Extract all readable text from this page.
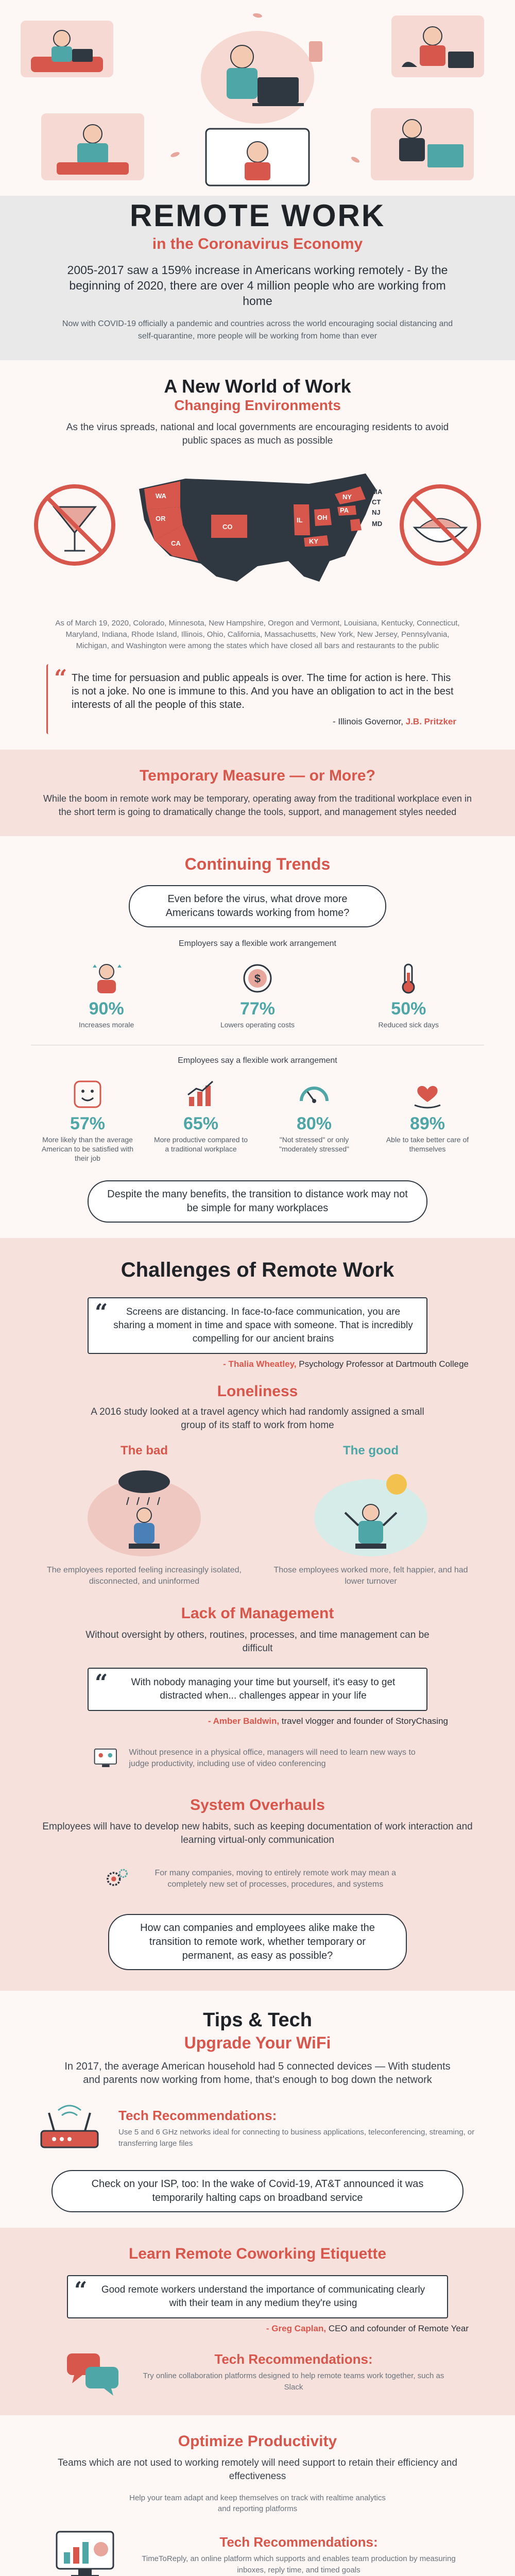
REMOTE WORK
in the Coronavirus Economy
2005-2017 saw a 159% increase in Americans working remotely - By the beginning of 2020, there are over 4 million people who are working from home
Now with COVID-19 officially a pandemic and countries across the world encouraging social distancing and self-quarantine, more people will be working from home than ever
A New World of Work
Changing Environments
As the virus spreads, national and local governments are encouraging residents to avoid public spaces as much as possible
WA
OR
CA
CO
IL OH
NY
MA
CT
NJ
PA
MD
KY
As of March 19, 2020, Colorado, Minnesota, New Hampshire, Oregon and Vermont, Louisiana, Kentucky, Connecticut, Maryland, Indiana, Rhode Island, Illinois, Ohio, California, Massachusetts, New York, New Jersey, Pennsylvania, Michigan, and Washington were among the states which have closed all bars and restaurants to the public
“ The time for persuasion and public appeals is over. The time for action is here. This is not a joke. No one is immune to this. And you have an obligation to act in the best interests of all the people of this state.
- Illinois Governor, J.B. Pritzker
Temporary Measure — or More?
While the boom in remote work may be temporary, operating away from the traditional workplace even in the short term is going to dramatically change the tools, support, and management styles needed
Continuing Trends
Even before the virus, what drove more Americans towards working from home?
Employers say a flexible work arrangement
90%
Increases morale
$
77%
Lowers operating costs
50%
Reduced sick days
Employees say a flexible work arrangement
57%
More likely than the average American to be satisfied with their job
65%
More productive compared to a traditional workplace
80%
"Not stressed" or only "moderately stressed"
89%
Able to take better care of themselves
Despite the many benefits, the transition to distance work may not be simple for many workplaces
Challenges of Remote Work
“	Screens are distancing. In face-to-face communication, you are sharing a moment in time and space with someone. That is incredibly compelling for our ancient brains
- Thalia Wheatley, Psychology Professor at Dartmouth College
Loneliness
A 2016 study looked at a travel agency which had randomly assigned a small group of its staff to work from home
The bad
The employees reported feeling increasingly isolated, disconnected, and uninformed
The good
Those employees worked more, felt happier, and had lower turnover
Lack of Management
Without oversight by others, routines, processes, and time management can be difficult
“	With nobody managing your time but yourself, it's easy to get distracted when... challenges appear in your life
- Amber Baldwin, travel vlogger and founder of StoryChasing
Without presence in a physical office, managers will need to learn new ways to judge productivity, including use of video conferencing
System Overhauls
Employees will have to develop new habits, such as keeping documentation of work interaction and learning virtual-only communication
For many companies, moving to entirely remote work may mean a completely new set of processes, procedures, and systems
How can companies and employees alike make the transition to remote work, whether temporary or permanent, as easy as possible?
Tips & Tech
Upgrade Your WiFi
In 2017, the average American household had 5 connected devices — With students and parents now working from home, that's enough to bog down the network
Tech Recommendations:
Use 5 and 6 GHz networks ideal for connecting to business applications, teleconferencing, streaming, or transferring large files
Check on your ISP, too: In the wake of Covid-19, AT&T announced it was temporarily halting caps on broadband service
Learn Remote Coworking Etiquette
“	Good remote workers understand the importance of communicating clearly with their team in any medium they're using
- Greg Caplan, CEO and cofounder of Remote Year
Tech Recommendations:
Try online collaboration platforms designed to help remote teams work together, such as Slack
Optimize Productivity
Teams which are not used to working remotely will need support to retain their efficiency and effectiveness
Help your team adapt and keep themselves on track with realtime analytics and reporting platforms
Tech Recommendations:
TimeToReply, an online platform which supports and enables team production by measuring inboxes, reply time, and timed goals
